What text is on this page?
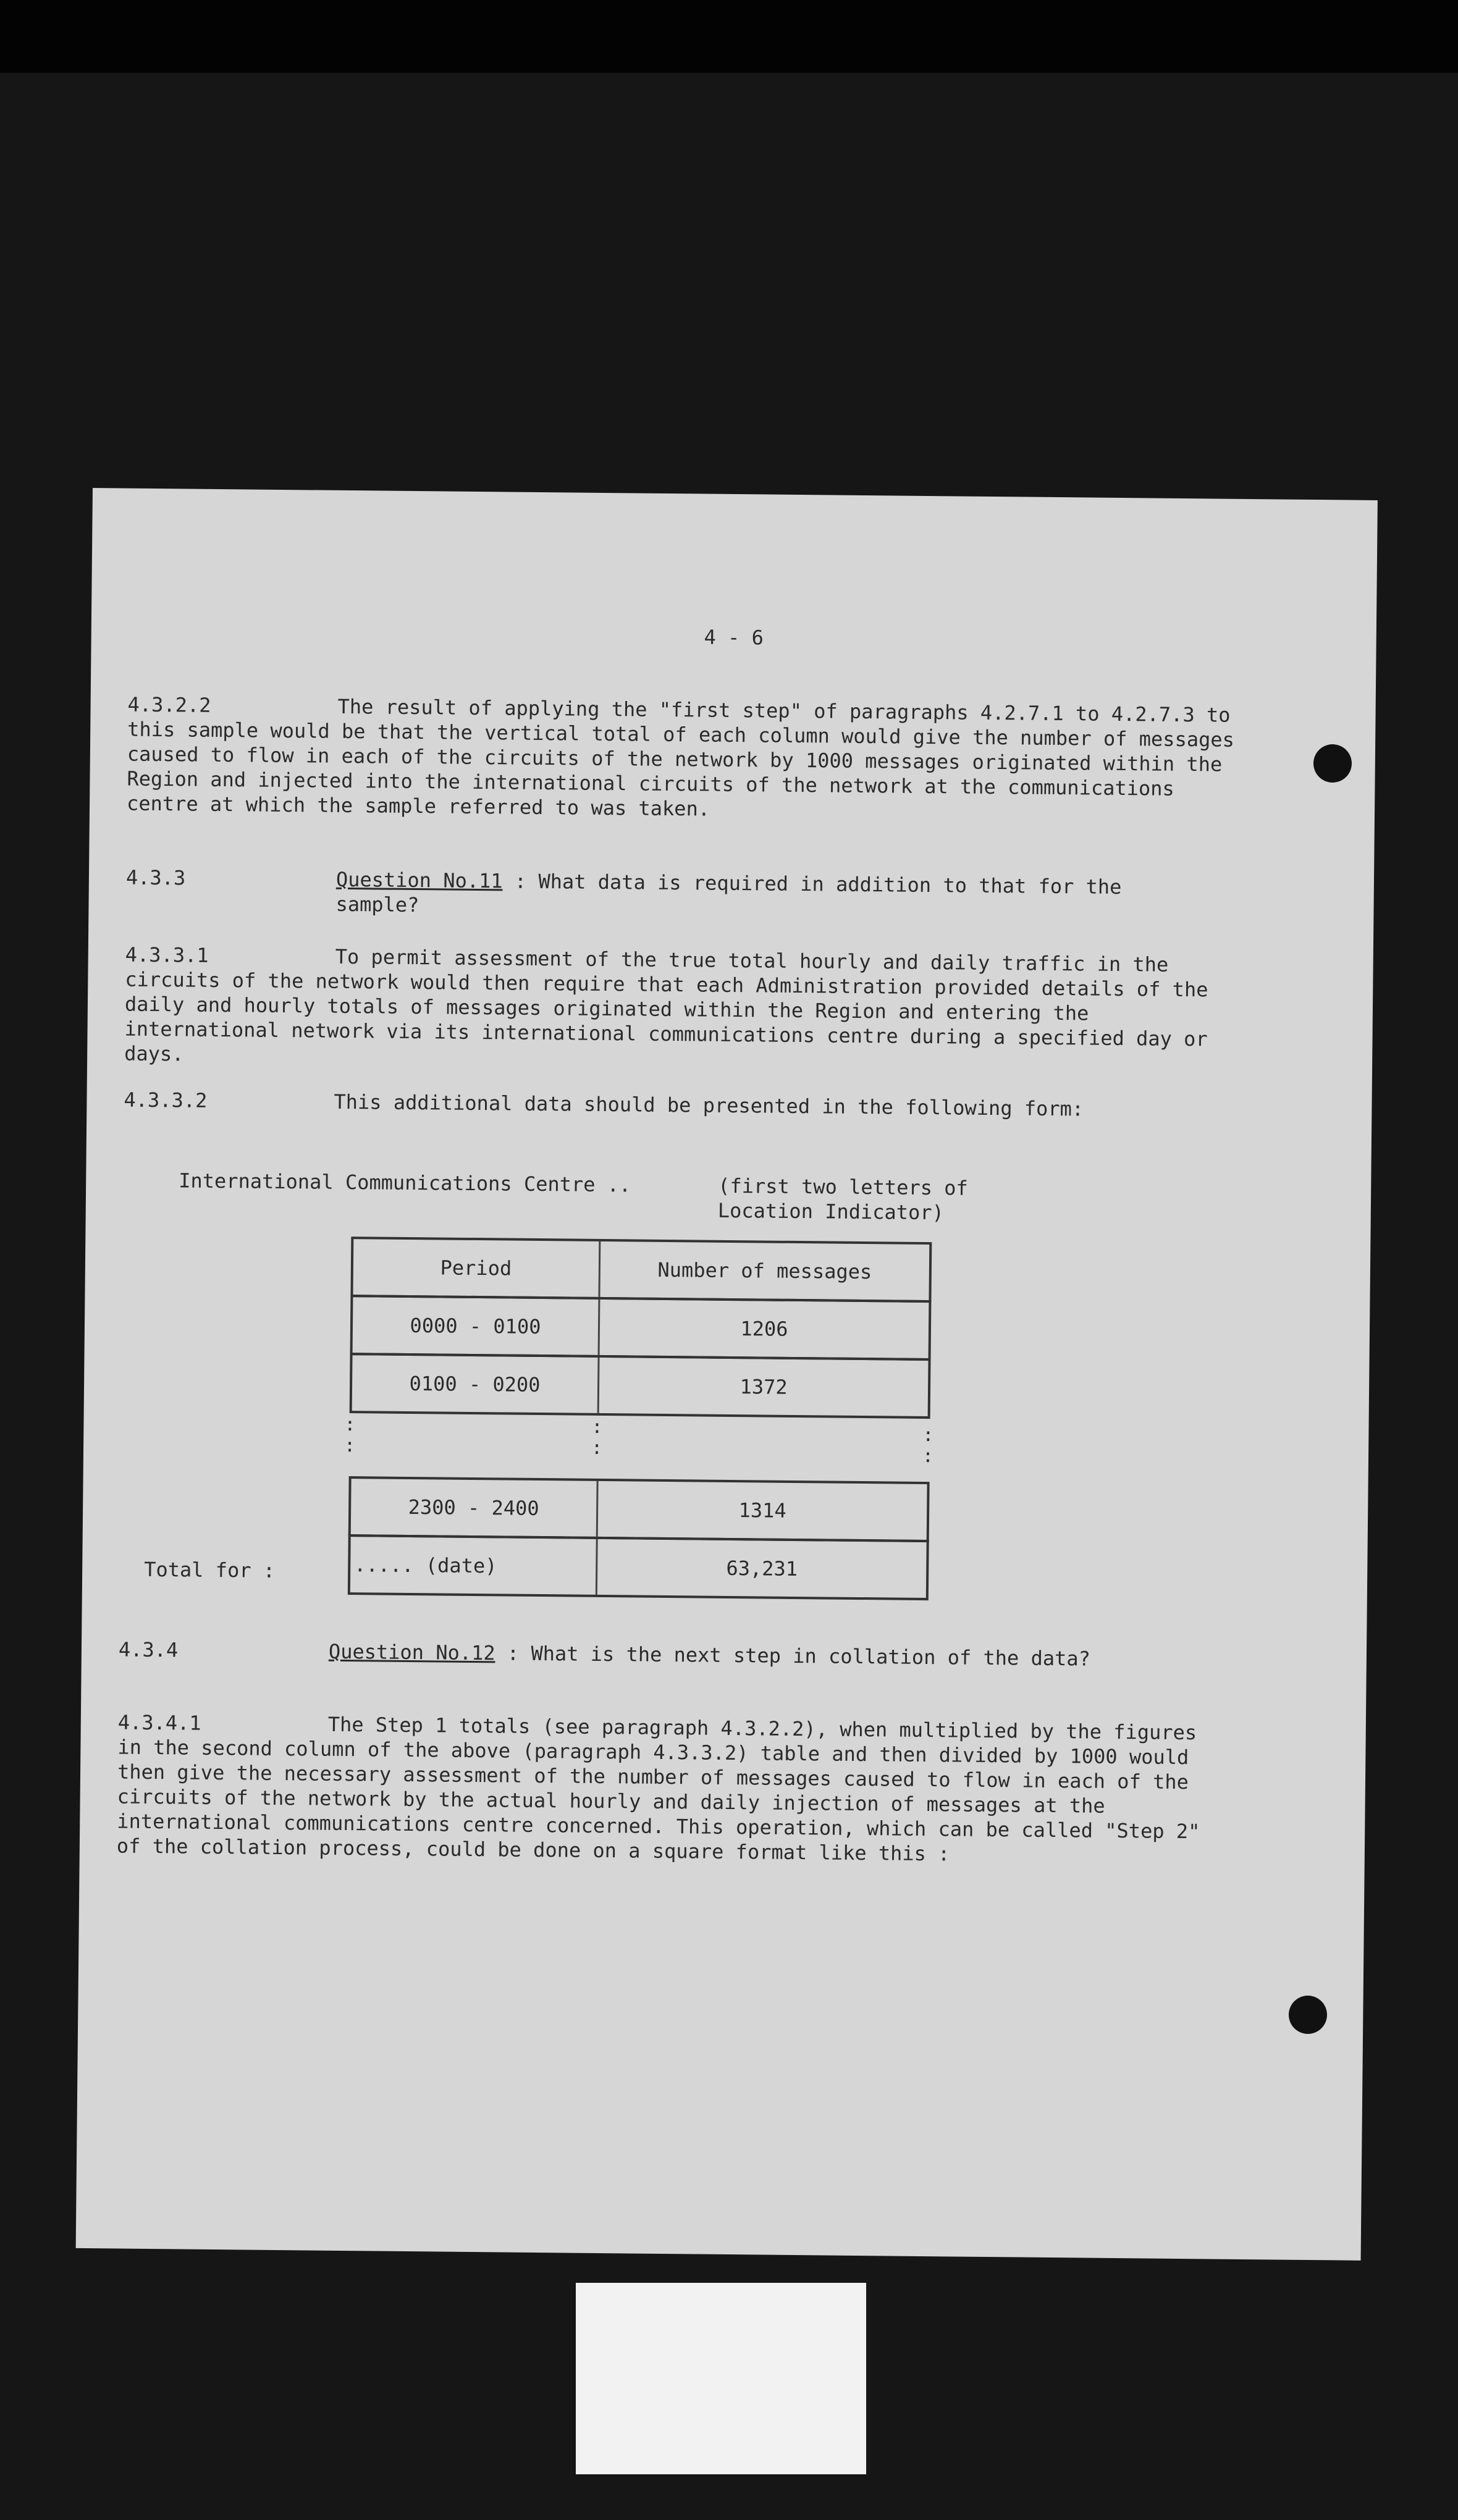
4 - 6
4.3.2.2	The result of applying the "first step" of paragraphs 4.2.7.1 to 4.2.7.3 to this sample would be that the vertical total of each column would give the number of messages caused to flow in each of the circuits of the network by 1000 messages originated within the Region and injected into the international circuits of the network at the communications centre at which the sample referred to was taken.
4.3.3	Question No.11 : What data is required in addition to that for the sample?
4.3.3.1	To permit assessment of the true total hourly and daily traffic in the circuits of the network would then require that each Administration provided details of the daily and hourly totals of messages originated within the Region and entering the international network via its international communications centre during a specified day or days.
4.3.3.2	This additional data should be presented in the following form:
International Communications Centre ..	(first two letters of
Location Indicator)
Period	Number of messages
0000 - 0100	1206
0100 - 0200	1372
:
:
:
:
:
:
2300 - 2400	1314
..... (date)	63,231
Total for :
4.3.4	Question No.12 : What is the next step in collation of the data?
4.3.4.1	The Step 1 totals (see paragraph 4.3.2.2), when multiplied by the figures in the second column of the above (paragraph 4.3.3.2) table and then divided by 1000 would then give the necessary assessment of the number of messages caused to flow in each of the circuits of the network by the actual hourly and daily injection of messages at the international communications centre concerned. This operation, which can be called "Step 2" of the collation process, could be done on a square format like this :
